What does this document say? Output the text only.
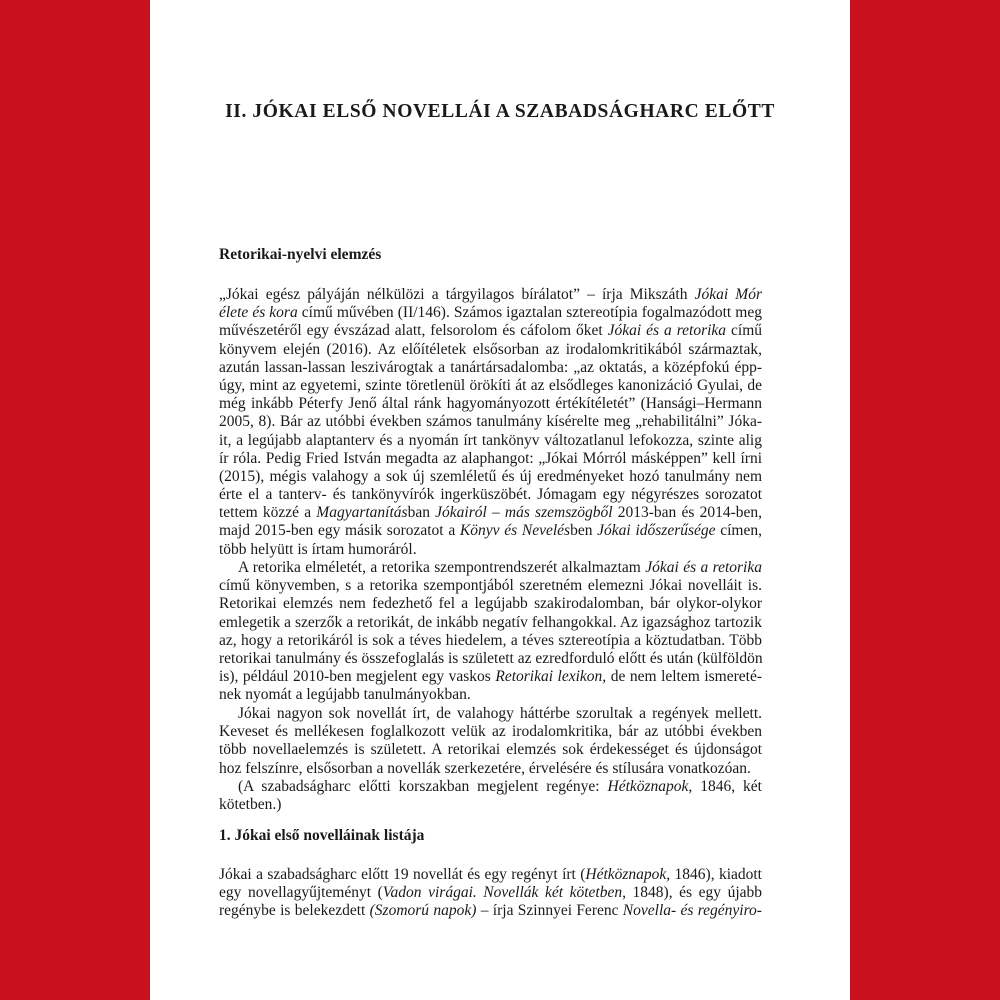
II. JÓKAI ELSŐ NOVELLÁI A SZABADSÁGHARC ELŐTT
Retorikai-nyelvi elemzés
„Jókai egész pályáján nélkülözi a tárgyilagos bírálatot” – írja Mikszáth Jókai Mór
élete és kora című művében (II/146). Számos igaztalan sztereotípia fogalmazódott meg
művészetéről egy évszázad alatt, felsorolom és cáfolom őket Jókai és a retorika című
könyvem elején (2016). Az előítéletek elsősorban az irodalomkritikából származtak,
azután lassan-lassan leszivárogtak a tanártársadalomba: „az oktatás, a középfokú épp-
úgy, mint az egyetemi, szinte töretlenül örökíti át az elsődleges kanonizáció Gyulai, de
még inkább Péterfy Jenő által ránk hagyományozott értékítéletét” (Hansági–Hermann
2005, 8). Bár az utóbbi években számos tanulmány kísérelte meg „rehabilitálni” Jóka-
it, a legújabb alaptanterv és a nyomán írt tankönyv változatlanul lefokozza, szinte alig
ír róla. Pedig Fried István megadta az alaphangot: „Jókai Mórról másképpen” kell írni
(2015), mégis valahogy a sok új szemléletű és új eredményeket hozó tanulmány nem
érte el a tanterv- és tankönyvírók ingerküszöbét. Jómagam egy négyrészes sorozatot
tettem közzé a Magyartanításban Jókairól – más szemszögből 2013-ban és 2014-ben,
majd 2015-ben egy másik sorozatot a Könyv és Nevelésben Jókai időszerűsége címen,
több helyütt is írtam humoráról.
A retorika elméletét, a retorika szempontrendszerét alkalmaztam Jókai és a retorika
című könyvemben, s a retorika szempontjából szeretném elemezni Jókai novelláit is.
Retorikai elemzés nem fedezhető fel a legújabb szakirodalomban, bár olykor-olykor
emlegetik a szerzők a retorikát, de inkább negatív felhangokkal. Az igazsághoz tartozik
az, hogy a retorikáról is sok a téves hiedelem, a téves sztereotípia a köztudatban. Több
retorikai tanulmány és összefoglalás is született az ezredforduló előtt és után (külföldön
is), például 2010-ben megjelent egy vaskos Retorikai lexikon, de nem leltem ismereté-
nek nyomát a legújabb tanulmányokban.
Jókai nagyon sok novellát írt, de valahogy háttérbe szorultak a regények mellett.
Keveset és mellékesen foglalkozott velük az irodalomkritika, bár az utóbbi években
több novellaelemzés is született. A retorikai elemzés sok érdekességet és újdonságot
hoz felszínre, elsősorban a novellák szerkezetére, érvelésére és stílusára vonatkozóan.
(A szabadságharc előtti korszakban megjelent regénye: Hétköznapok, 1846, két
kötetben.)
1. Jókai első novelláinak listája
Jókai a szabadságharc előtt 19 novellát és egy regényt írt (Hétköznapok, 1846), kiadott
egy novellagyűjteményt (Vadon virágai. Novellák két kötetben, 1848), és egy újabb
regénybe is belekezdett (Szomorú napok) – írja Szinnyei Ferenc Novella- és regényiro-
